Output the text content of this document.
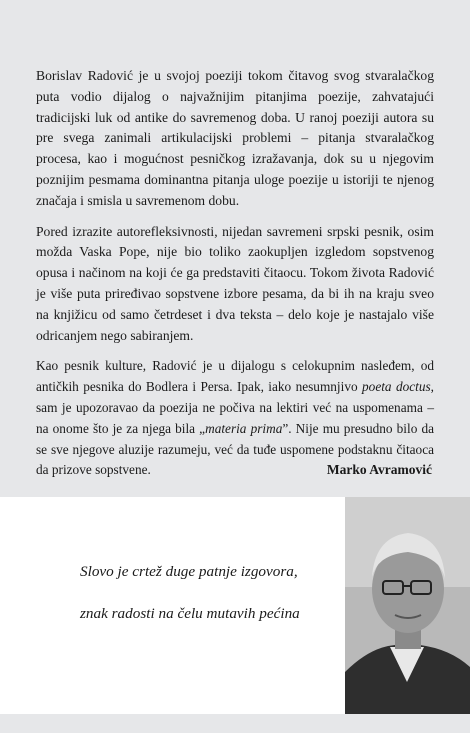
Borislav Radović je u svojoj poeziji tokom čitavog svog stvaralačkog puta vodio dijalog o najvažnijim pitanjima poezije, zahvatajući tradicijski luk od antike do savremenog doba. U ranoj poeziji autora su pre svega zanimali artikulacijski problemi – pitanja stvaralačkog procesa, kao i mogućnost pesničkog izražavanja, dok su u njegovim poznijim pesmama dominantna pitanja uloge poezije u istoriji te njenog značaja i smisla u savremenom dobu.

Pored izrazite autorefleksivnosti, nijedan savremeni srpski pesnik, osim možda Vaska Pope, nije bio toliko zaokupljen izgledom sopstvenog opusa i načinom na koji će ga predstaviti čitaocu. Tokom života Radović je više puta priređivao sopstvene izbore pesama, da bi ih na kraju sveo na knjižicu od samo četrdeset i dva teksta – delo koje je nastajalo više odricanjem nego sabiranjem.

Kao pesnik kulture, Radović je u dijalogu s celokupnim nasleđem, od antičkih pesnika do Bodlera i Persa. Ipak, iako nesumnjivo poeta doctus, sam je upozoravao da poezija ne počiva na lektiri već na uspomenama – na onome što je za njega bila „materia prima”. Nije mu presudno bilo da se sve njegove aluzije razumeju, već da tuđe uspomene podstaknu čitaoca da prizove sopstvene.	Marko Avramović

Slovo je crtež duge patnje izgovora,

znak radosti na čelu mutavih pećina
